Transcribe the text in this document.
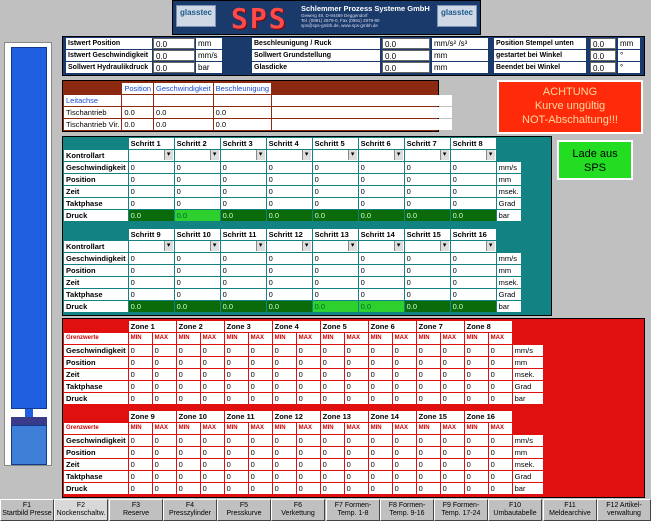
glasstec SPS Schlemmer Prozess Systeme GmbH
Gewerg 48, D-94469 Deggendorf
Tel. (0991) 2979-0, Fax (0991) 2979-90
sps@sps-gmbh.de, www.sps-gmbh.de
glasstec
Istwert Position	0.0	mm
Istwert Geschwindigkeit 0.0	mm/s
Sollwert Hydraulikdruck 0.0	bar
Beschleunigung / Ruck	0.0	mm/s² /s³
Sollwert Grundstellung	0.0	mm
Glasdicke	0.0	mm
Position Stempel unten	0.0	mm
gestartet bei Winkel	0.0	°
Beendet bei Winkel	0.0	°
	Position	Geschwindigkeit	Beschleunigung	
Leitachse				
Tischantrieb	0.0	0.0	0.0	
Tischantrieb Vir.	0.0	0.0	0.0	
ACHTUNG
Kurve ungültig
NOT-Abschaltung!!!
Lade aus
SPS
	Schritt 1	Schritt 2	Schritt 3	Schritt 4	Schritt 5	Schritt 6	Schritt 7	Schritt 8	
Kontrollart	▾	▾	▾	▾	▾	▾	▾	▾	
Geschwindigkeit	0	0	0	0	0	0	0	0	mm/s
Position	0	0	0	0	0	0	0	0	mm
Zeit	0	0	0	0	0	0	0	0	msek.
Taktphase	0	0	0	0	0	0	0	0	Grad
Druck	0.0	0.0	0.0	0.0	0.0	0.0	0.0	0.0	bar
	Schritt 9	Schritt 10	Schritt 11	Schritt 12	Schritt 13	Schritt 14	Schritt 15	Schritt 16	
Kontrollart	▾	▾	▾	▾	▾	▾	▾	▾	
Geschwindigkeit	0	0	0	0	0	0	0	0	mm/s
Position	0	0	0	0	0	0	0	0	mm
Zeit	0	0	0	0	0	0	0	0	msek.
Taktphase	0	0	0	0	0	0	0	0	Grad
Druck	0.0	0.0	0.0	0.0	0.0	0.0	0.0	0.0	bar
	Zone 1		Zone 2		Zone 3		Zone 4		Zone 5		Zone 6		Zone 7		Zone 8		
Grenzwerte	MIN	MAX	MIN	MAX	MIN	MAX	MIN	MAX	MIN	MAX	MIN	MAX	MIN	MAX	MIN	MAX	
Geschwindigkeit	0	0	0	0	0	0	0	0	0	0	0	0	0	0	0	0	mm/s
Position	0	0	0	0	0	0	0	0	0	0	0	0	0	0	0	0	mm
Zeit	0	0	0	0	0	0	0	0	0	0	0	0	0	0	0	0	msek.
Taktphase	0	0	0	0	0	0	0	0	0	0	0	0	0	0	0	0	Grad
Druck	0	0	0	0	0	0	0	0	0	0	0	0	0	0	0	0	bar
	Zone 9		Zone 10		Zone 11		Zone 12		Zone 13		Zone 14		Zone 15		Zone 16		
Grenzwerte	MIN	MAX	MIN	MAX	MIN	MAX	MIN	MAX	MIN	MAX	MIN	MAX	MIN	MAX	MIN	MAX	
Geschwindigkeit	0	0	0	0	0	0	0	0	0	0	0	0	0	0	0	0	mm/s
Position	0	0	0	0	0	0	0	0	0	0	0	0	0	0	0	0	mm
Zeit	0	0	0	0	0	0	0	0	0	0	0	0	0	0	0	0	msek.
Taktphase	0	0	0	0	0	0	0	0	0	0	0	0	0	0	0	0	Grad
Druck	0	0	0	0	0	0	0	0	0	0	0	0	0	0	0	0	bar
F1
Startbild Presse
F2
Nockenschaltw.
F3
Reserve
F4
Presszylinder
F5
Presskurve
F6
Verkettung
F7 Formen-
Temp. 1-8
F8 Formen-
Temp. 9-16
F9 Formen-
Temp. 17-24
F10
Umbautabelle
F11
Meldearchive
F12 Artikel-
verwaltung
